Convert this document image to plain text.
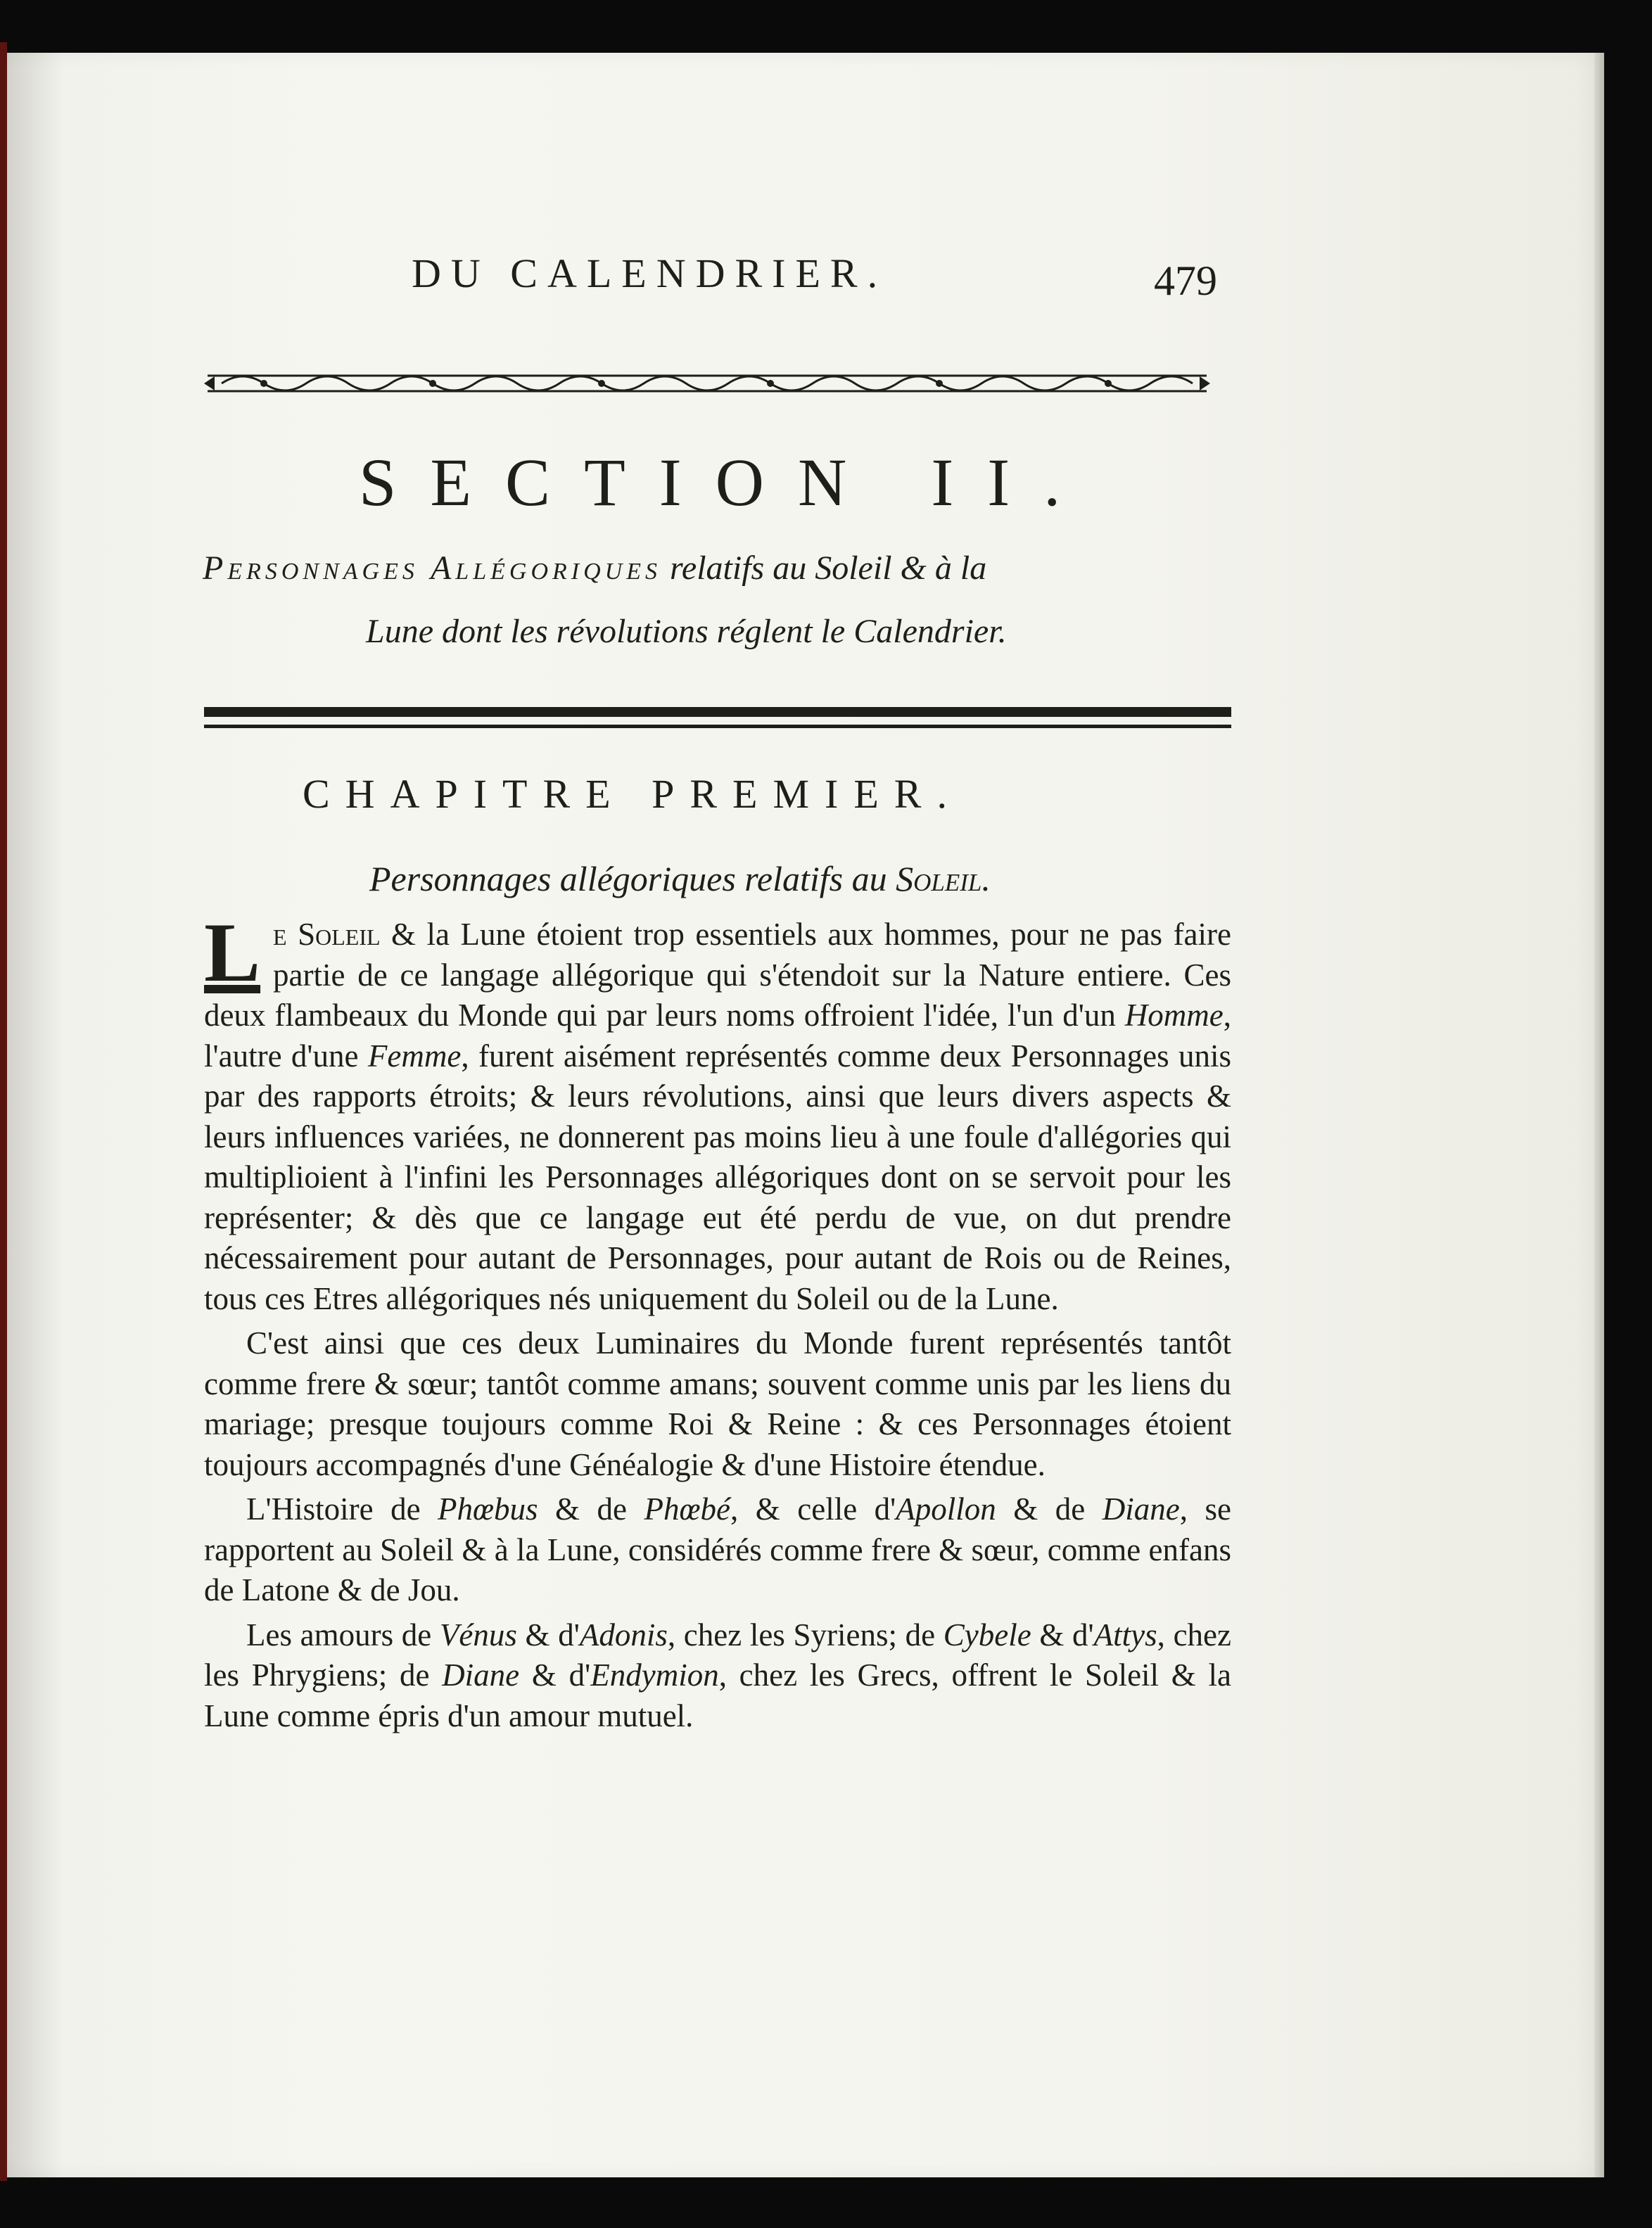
DU CALENDRIER.	479
SECTION II.
Personnages Allégoriques relatifs au Soleil & à la
Lune dont les révolutions réglent le Calendrier.
CHAPITRE PREMIER.
Personnages allégoriques relatifs au Soleil.

Le Soleil & la Lune étoient trop essentiels aux hommes, pour ne pas faire partie de ce langage allégorique qui s'étendoit sur la Nature entiere. Ces deux flambeaux du Monde qui par leurs noms offroient l'idée, l'un d'un Homme, l'autre d'une Femme, furent aisément représentés comme deux Personnages unis par des rapports étroits; & leurs révolutions, ainsi que leurs divers aspects & leurs influences variées, ne donnerent pas moins lieu à une foule d'allégories qui multiplioient à l'infini les Personnages allégoriques dont on se servoit pour les représenter; & dès que ce langage eut été perdu de vue, on dut prendre nécessairement pour autant de Personnages, pour autant de Rois ou de Reines, tous ces Etres allégoriques nés uniquement du Soleil ou de la Lune.

C'est ainsi que ces deux Luminaires du Monde furent représentés tantôt comme frere & sœur; tantôt comme amans; souvent comme unis par les liens du mariage; presque toujours comme Roi & Reine : & ces Personnages étoient toujours accompagnés d'une Généalogie & d'une Histoire étendue.

L'Histoire de Phœbus & de Phœbé, & celle d'Apollon & de Diane, se rapportent au Soleil & à la Lune, considérés comme frere & sœur, comme enfans de Latone & de Jou.

Les amours de Vénus & d'Adonis, chez les Syriens; de Cybele & d'Attys, chez les Phrygiens; de Diane & d'Endymion, chez les Grecs, offrent le Soleil & la Lune comme épris d'un amour mutuel.
